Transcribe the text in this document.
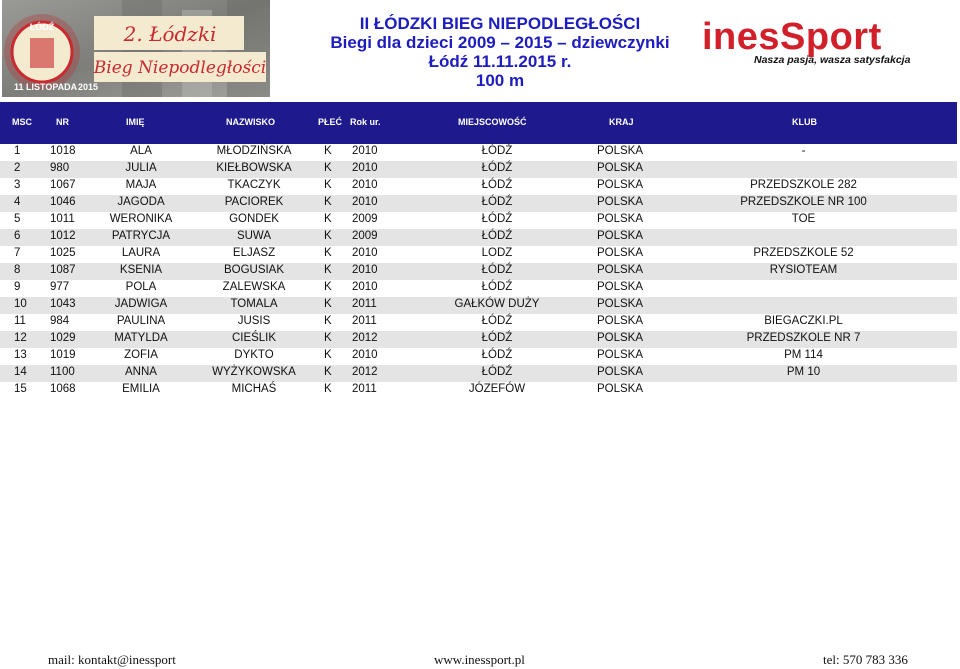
ŁÓDŹ
11 LISTOPADA 2015
2. Łódzki
Bieg Niepodległości
II ŁÓDZKI BIEG NIEPODLEGŁOŚCI
Biegi dla dzieci 2009 – 2015 – dziewczynki
Łódź 11.11.2015 r.
100 m
inesSport
Nasza pasja, wasza satysfakcja
MSC	NR	IMIĘ	NAZWISKO	PŁEĆ Rok ur.	MIEJSCOWOŚĆ	KRAJ	KLUB
1	1018	ALA	MŁODZIŃSKA	K 2010	ŁÓDŹ	POLSKA	-
2	980	JULIA	KIEŁBOWSKA	K 2010	ŁÓDŹ	POLSKA
3	1067	MAJA	TKACZYK	K 2010	ŁÓDŹ	POLSKA	PRZEDSZKOLE 282
4	1046	JAGODA	PACIOREK	K 2010	ŁÓDŹ	POLSKA	PRZEDSZKOLE NR 100
5	1011	WERONIKA	GONDEK	K 2009	ŁÓDŹ	POLSKA	TOE
6	1012	PATRYCJA	SUWA	K 2009	ŁÓDŹ	POLSKA
7	1025	LAURA	ELJASZ	K 2010	LODZ	POLSKA	PRZEDSZKOLE 52
8	1087	KSENIA	BOGUSIAK	K 2010	ŁÓDŹ	POLSKA	RYSIOTEAM
9	977	POLA	ZALEWSKA	K 2010	ŁÓDŹ	POLSKA
10 1043	JADWIGA	TOMALA	K 2011	GAŁKÓW DUŻY	POLSKA
11 984	PAULINA	JUSIS	K 2011	ŁÓDŹ	POLSKA	BIEGACZKI.PL
12 1029	MATYLDA	CIEŚLIK	K 2012	ŁÓDŹ	POLSKA	PRZEDSZKOLE NR 7
13 1019	ZOFIA	DYKTO	K 2010	ŁÓDŹ	POLSKA	PM 114
14 1100	ANNA	WYŻYKOWSKA	K 2012	ŁÓDŹ	POLSKA	PM 10
15 1068	EMILIA	MICHAŚ	K 2011	JÓZEFÓW	POLSKA
mail: kontakt@inessport	www.inessport.pl	tel: 570 783 336
